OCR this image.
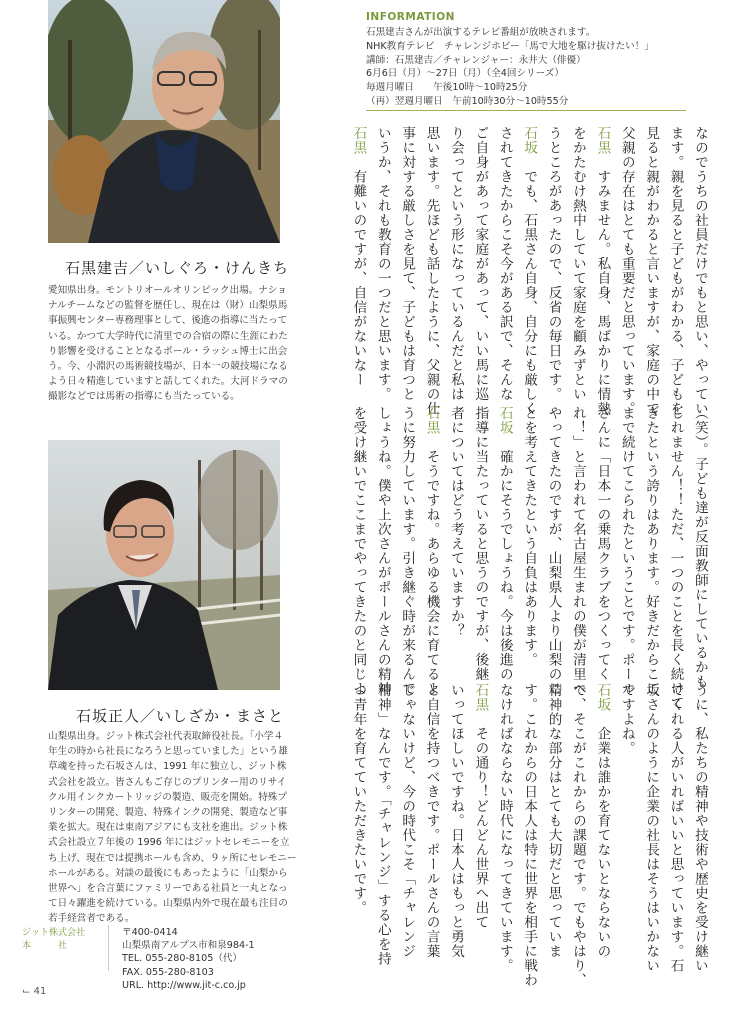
石黒建吉／いしぐろ・けんきち
愛知県出身。モントリオールオリンピック出場。ナショ
ナルチームなどの監督を歴任し、現在は（財）山梨県馬
事振興センター専務理事として、後進の指導に当たって
いる。かつて大学時代に清里での合宿の際に生涯にわた
り影響を受けることとなるポール・ラッシュ博士に出会
う。今、小淵沢の馬術競技場が、日本一の競技場になる
よう日々精進していますと話してくれた。大河ドラマの
撮影などでは馬術の指導にも当たっている。
石坂正人／いしざか・まさと
山梨県出身。ジット株式会社代表取締役社長。「小学４
年生の時から社長になろうと思っていました」という雄
草魂を持った石坂さんは、1991 年に独立し、ジット株
式会社を設立。皆さんもご存じのプリンター用のリサイ
クル用インクカートリッジの製造、販売を開始。特殊プ
リンターの開発、製造、特殊インクの開発、製造など事
業を拡大。現在は東南アジアにも支社を進出。ジット株
式会社設立７年後の 1996 年にはジットセレモニーを立
ち上げ、現在では提携ホールも含め、９ヶ所にセレモニー
ホールがある。対談の最後にもあったように「山梨から
世界へ」を合言葉にファミリーである社員と一丸となっ
て日々躍進を続けている。山梨県内外で現在最も注目の
若手経営者である。
ジット株式会社
本　　　社
〒400-0414
山梨県南アルプス市和泉984-1
TEL. 055-280-8105（代）
FAX. 055-280-8103
URL. http://www.jit-c.co.jp
⌙ 41
INFORMATION
石黒建吉さんが出演するテレビ番組が放映されます。
NHK教育テレビ　チャレンジホビー「馬で大地を駆け抜けたい！」
講師：石黒建吉／チャレンジャー：永井大（俳優）
6月6日（月）〜27日（月）（全4回シリーズ）
毎週月曜日　　午後10時〜10時25分
（再）翌週月曜日　午前10時30分〜10時55分
なのでうちの社員だけでもと思い、やってい
ます。親を見ると子どもがわかる、子どもを
見ると親がわかると言いますが、家庭の中で
父親の存在はとても重要だと思っています。
石黒　すみません。私自身、馬ばかりに情熱
をかたむけ熱中していて家庭を顧みずとい
うところがあったので、反省の毎日です。
石坂　でも、石黒さん自身、自分にも厳しく
されてきたからこそ今がある訳で、そんな
ご自身があって家庭があって、いい馬に巡
り会ってという形になっているんだと私は
思います。先ほども話したように、父親の仕
事に対する厳しさを見て、子どもは育つと
いうか、それも教育の一つだと思います。
石黒　有難いのですが、自信がないなー
（笑）。子ども達が反面教師にしているかも
しれません！！ただ、一つのことを長く続けて
きたという誇りはあります。好きだからここ
まで続けてこられたということです。ポール
さんに「日本一の乗馬クラブをつくってく
れ！」と言われて名古屋生まれの僕が清里へ
やってきたのですが、山梨県人より山梨のこ
とを考えてきたという自負はあります。
石坂　確かにそうでしょうね。今は後進の
指導に当たっていると思うのですが、後継
者についてはどう考えていますか？
石黒　そうですね。あらゆる機会に育てるよ
うに努力しています。引き継ぐ時が来るんで
しょうね。僕や上次さんがポールさんの精神
を受け継いでここまでやってきたのと同じよ
うに、私たちの精神や技術や歴史を受け継い
でくれる人がいればいいと思っています。石
坂さんのように企業の社長はそうはいかない
ですよね。
石坂　企業は誰かを育てないとならないの
で、そこがこれからの課題です。でもやはり、
精神的な部分はとても大切だと思っていま
す。これからの日本人は特に世界を相手に戦わ
なければならない時代になってきています。
石黒　その通り！どんどん世界へ出て
いってほしいですね。日本人はもっと勇気
と自信を持つべきです。ポールさんの言葉
じゃないけど、今の時代こそ「チャレンジ
精神」なんです。「チャレンジ」する心を持
つ青年を育てていただきたいです。
